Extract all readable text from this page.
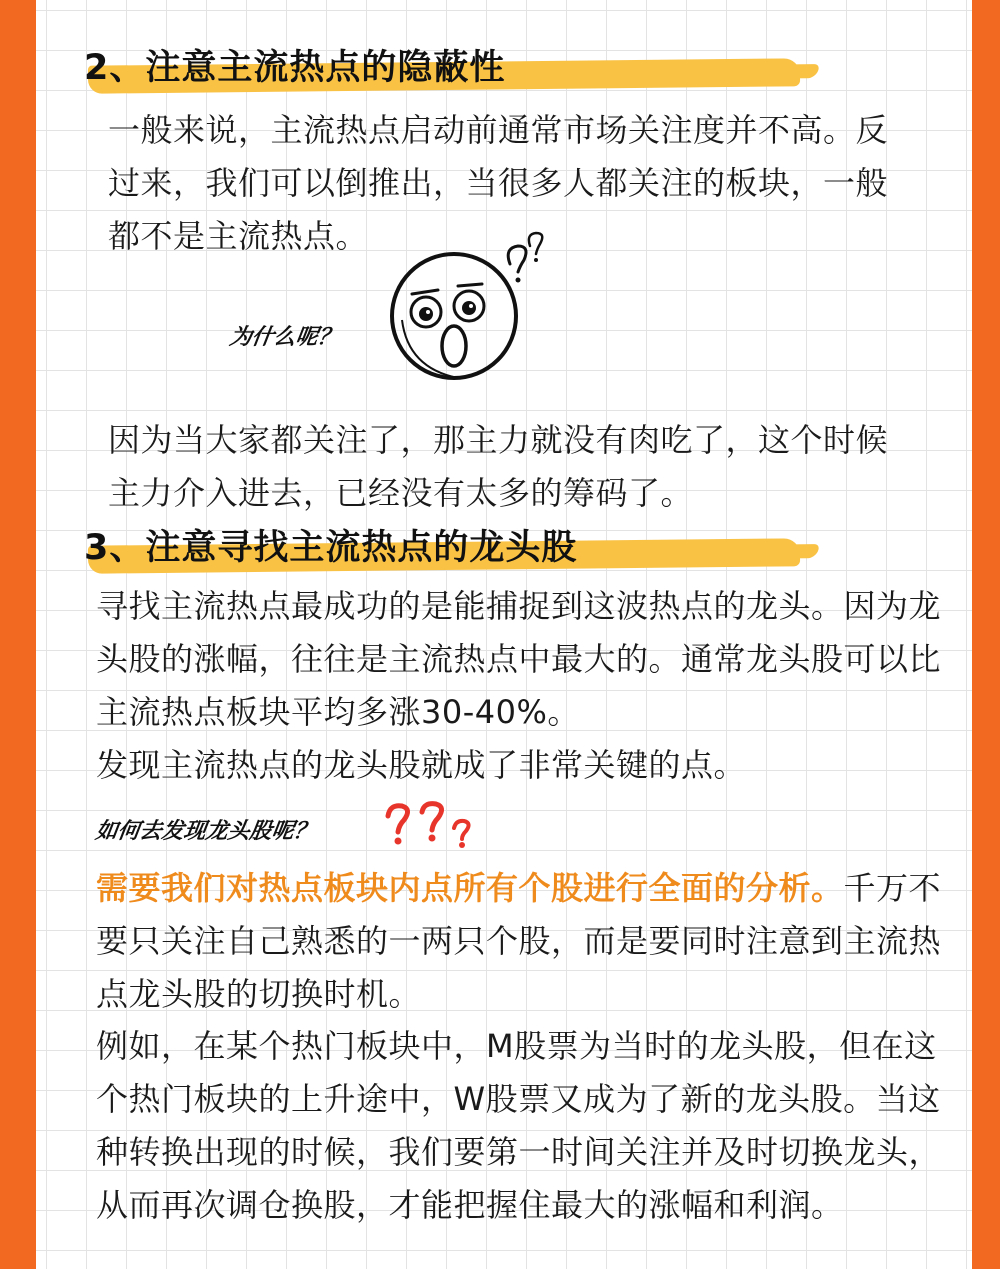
2、注意主流热点的隐蔽性

一般来说，主流热点启动前通常市场关注度并不高。反过来，我们可以倒推出，当很多人都关注的板块，一般都不是主流热点。

为什么呢？

因为当大家都关注了，那主力就没有肉吃了，这个时候主力介入进去，已经没有太多的筹码了。

3、注意寻找主流热点的龙头股

寻找主流热点最成功的是能捕捉到这波热点的龙头。因为龙头股的涨幅，往往是主流热点中最大的。通常龙头股可以比主流热点板块平均多涨30-40%。

发现主流热点的龙头股就成了非常关键的点。

如何去发现龙头股呢？

需要我们对热点板块内点所有个股进行全面的分析。千万不要只关注自己熟悉的一两只个股，而是要同时注意到主流热点龙头股的切换时机。

例如，在某个热门板块中，M股票为当时的龙头股，但在这个热门板块的上升途中，W股票又成为了新的龙头股。当这种转换出现的时候，我们要第一时间关注并及时切换龙头，从而再次调仓换股，才能把握住最大的涨幅和利润。
